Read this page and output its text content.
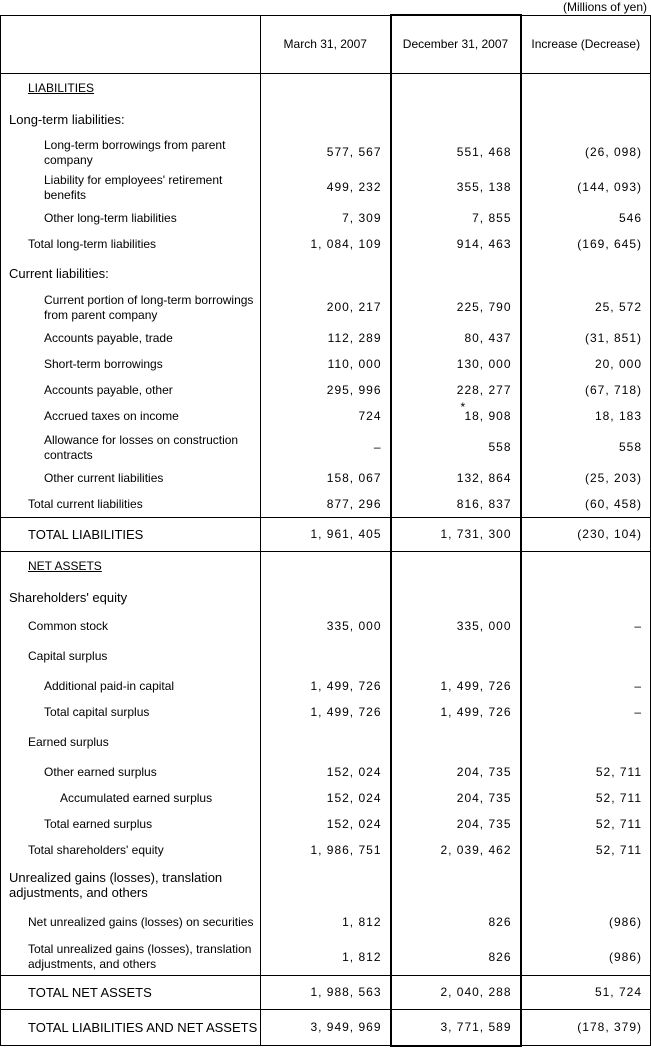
(Millions of yen)
	March 31, 2007	December 31, 2007	Increase (Decrease)
LIABILITIES			
Long-term liabilities:			
Long-term borrowings from parent company	577, 567	551, 468	(26, 098)
Liability for employees' retirement benefits	499, 232	355, 138	(144, 093)
Other long-term liabilities	7, 309	7, 855	546
Total long-term liabilities	1, 084, 109	914, 463	(169, 645)
Current liabilities:			
Current portion of long-term borrowings from parent company	200, 217	225, 790	25, 572
Accounts payable, trade	112, 289	80, 437	(31, 851)
Short-term borrowings	110, 000	130, 000	20, 000
Accounts payable, other	295, 996	228, 277	(67, 718)
Accrued taxes on income	724	* 18, 908	18, 183
Allowance for losses on construction contracts	–	558	558
Other current liabilities	158, 067	132, 864	(25, 203)
Total current liabilities	877, 296	816, 837	(60, 458)
TOTAL LIABILITIES	1, 961, 405	1, 731, 300	(230, 104)
NET ASSETS			
Shareholders' equity			
Common stock	335, 000	335, 000	–
Capital surplus			
Additional paid-in capital	1, 499, 726	1, 499, 726	–
Total capital surplus	1, 499, 726	1, 499, 726	–
Earned surplus			
Other earned surplus	152, 024	204, 735	52, 711
Accumulated earned surplus	152, 024	204, 735	52, 711
Total earned surplus	152, 024	204, 735	52, 711
Total shareholders' equity	1, 986, 751	2, 039, 462	52, 711
Unrealized gains (losses), translation adjustments, and others			
Net unrealized gains (losses) on securities	1, 812	826	(986)
Total unrealized gains (losses), translation adjustments, and others	1, 812	826	(986)
TOTAL NET ASSETS	1, 988, 563	2, 040, 288	51, 724
TOTAL LIABILITIES AND NET ASSETS	3, 949, 969	3, 771, 589	(178, 379)
